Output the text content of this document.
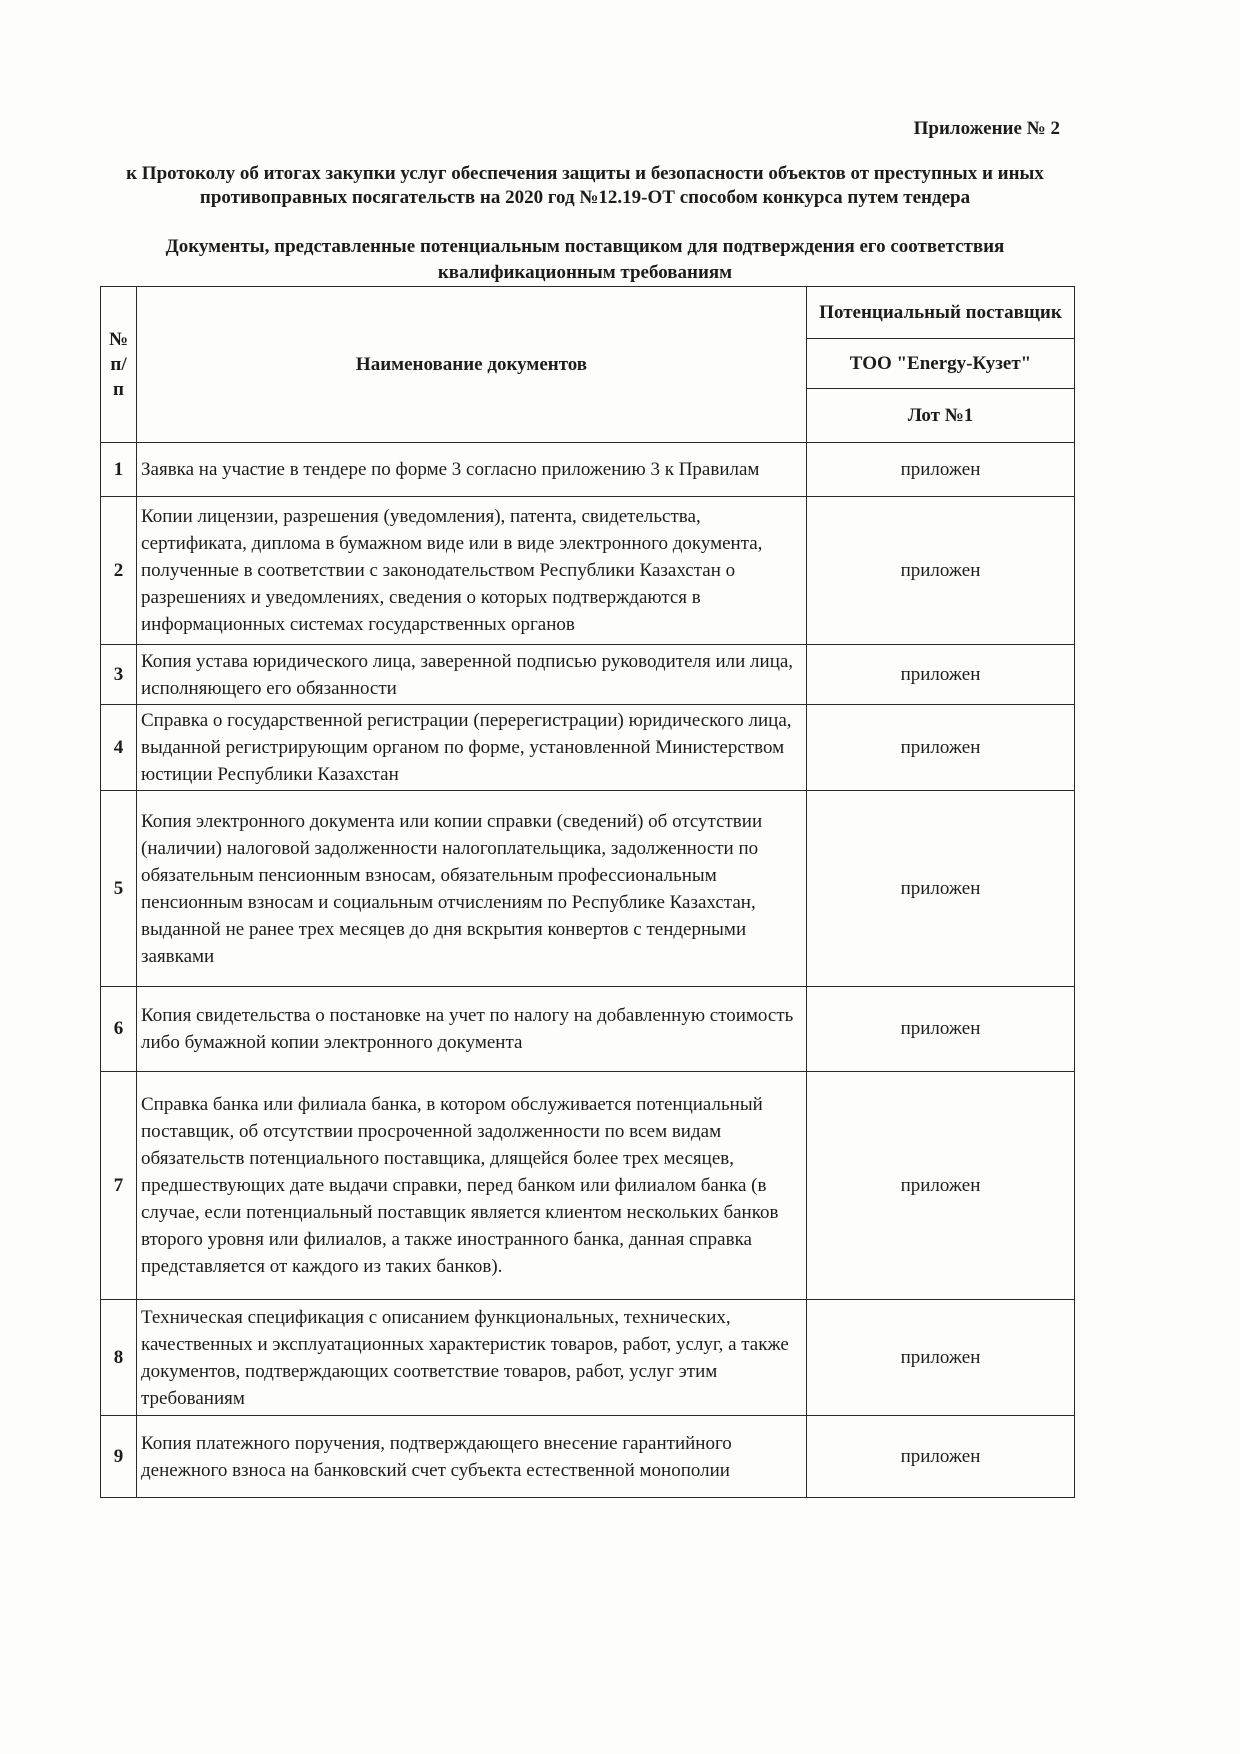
Приложение № 2
к Протоколу об итогах закупки услуг обеспечения защиты и безопасности объектов от преступных и иных противоправных посягательств на 2020 год №12.19-ОТ способом конкурса путем тендера
Документы, представленные потенциальным поставщиком для подтверждения его соответствия квалификационным требованиям
№ п/п	Наименование документов	Потенциальный поставщик
		ТОО "Energy-Кузет"
		Лот №1
1	Заявка на участие в тендере по форме 3 согласно приложению 3 к Правилам	приложен
2	Копии лицензии, разрешения (уведомления), патента, свидетельства, сертификата, диплома в бумажном виде или в виде электронного документа, полученные в соответствии с законодательством Республики Казахстан о разрешениях и уведомлениях, сведения о которых подтверждаются в информационных системах государственных органов	приложен
3	Копия устава юридического лица, заверенной подписью руководителя или лица, исполняющего его обязанности	приложен
4	Справка о государственной регистрации (перерегистрации) юридического лица, выданной регистрирующим органом по форме, установленной Министерством юстиции Республики Казахстан	приложен
5	Копия электронного документа или копии справки (сведений) об отсутствии (наличии) налоговой задолженности налогоплательщика, задолженности по обязательным пенсионным взносам, обязательным профессиональным пенсионным взносам и социальным отчислениям по Республике Казахстан, выданной не ранее трех месяцев до дня вскрытия конвертов с тендерными заявками	приложен
6	Копия свидетельства о постановке на учет по налогу на добавленную стоимость либо бумажной копии электронного документа	приложен
7	Справка банка или филиала банка, в котором обслуживается потенциальный поставщик, об отсутствии просроченной задолженности по всем видам обязательств потенциального поставщика, длящейся более трех месяцев, предшествующих дате выдачи справки, перед банком или филиалом банка (в случае, если потенциальный поставщик является клиентом нескольких банков второго уровня или филиалов, а также иностранного банка, данная справка представляется от каждого из таких банков).	приложен
8	Техническая спецификация с описанием функциональных, технических, качественных и эксплуатационных характеристик товаров, работ, услуг, а также документов, подтверждающих соответствие товаров, работ, услуг этим требованиям	приложен
9	Копия платежного поручения, подтверждающего внесение гарантийного денежного взноса на банковский счет субъекта естественной монополии	приложен
